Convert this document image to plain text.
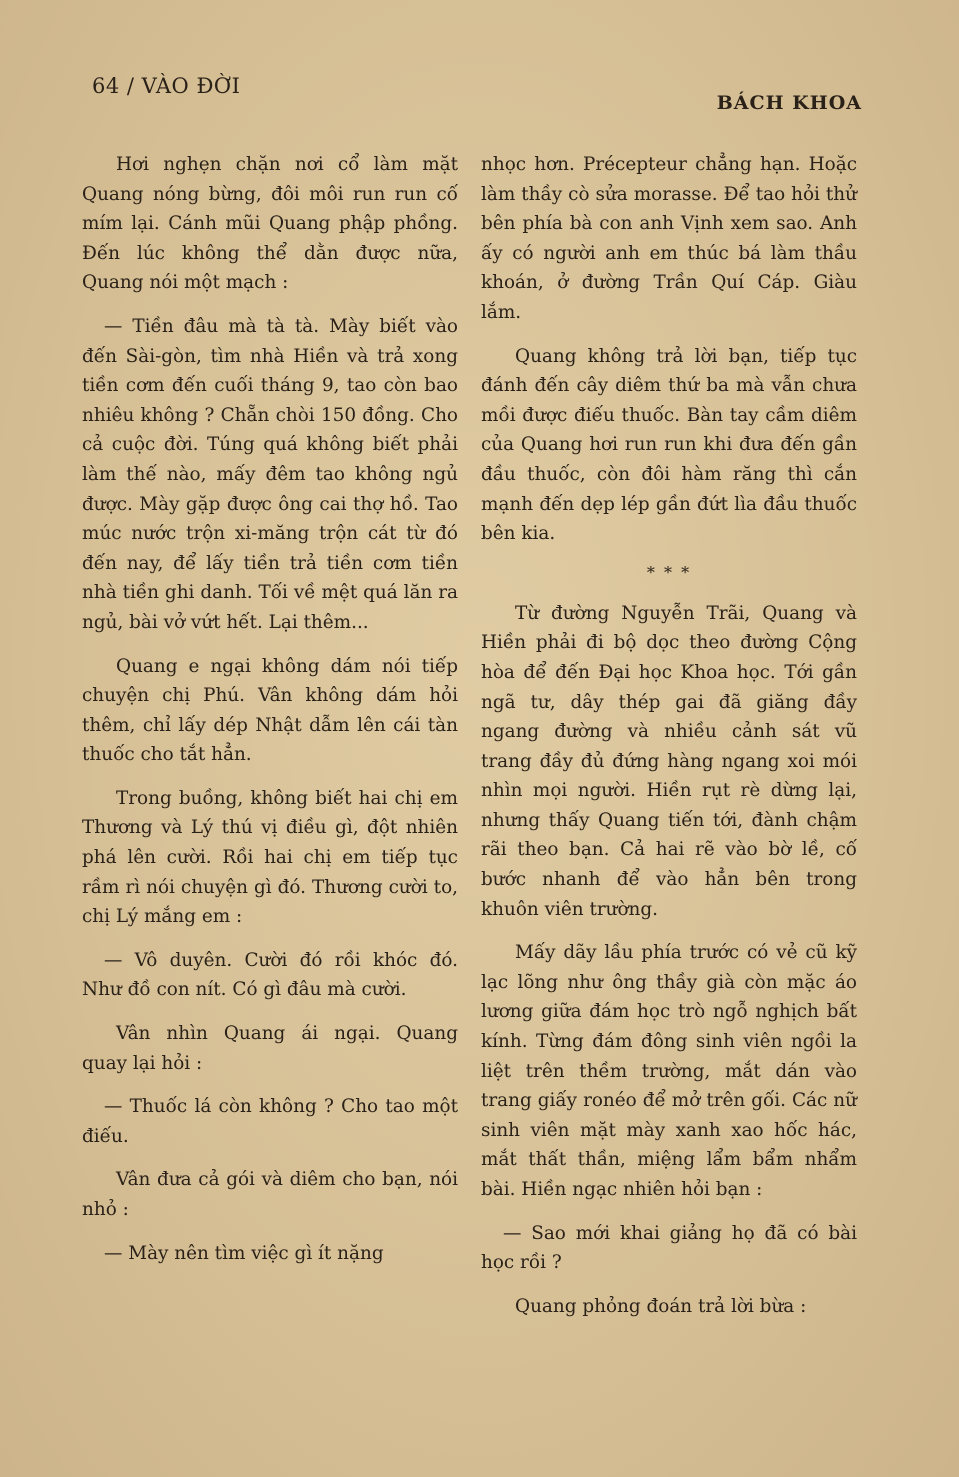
64 / VÀO ĐỜI
BÁCH KHOA

Hơi nghẹn chặn nơi cổ làm mặt Quang nóng bừng, đôi môi run run cố mím lại. Cánh mũi Quang phập phồng. Đến lúc không thể dằn được nữa, Quang nói một mạch :

— Tiền đâu mà tà tà. Mày biết vào đến Sài-gòn, tìm nhà Hiền và trả xong tiền cơm đến cuối tháng 9, tao còn bao nhiêu không ? Chẵn chòi 150 đồng. Cho cả cuộc đời. Túng quá không biết phải làm thế nào, mấy đêm tao không ngủ được. Mày gặp được ông cai thợ hồ. Tao múc nước trộn xi-măng trộn cát từ đó đến nay, để lấy tiền trả tiền cơm tiền nhà tiền ghi danh. Tối về mệt quá lăn ra ngủ, bài vở vứt hết. Lại thêm...

Quang e ngại không dám nói tiếp chuyện chị Phú. Vân không dám hỏi thêm, chỉ lấy dép Nhật dẫm lên cái tàn thuốc cho tắt hẳn.

Trong buồng, không biết hai chị em Thương và Lý thú vị điều gì, đột nhiên phá lên cười. Rồi hai chị em tiếp tục rầm rì nói chuyện gì đó. Thương cười to, chị Lý mắng em :

— Vô duyên. Cười đó rồi khóc đó. Như đồ con nít. Có gì đâu mà cười.

Vân nhìn Quang ái ngại. Quang quay lại hỏi :

— Thuốc lá còn không ? Cho tao một điếu.

Vân đưa cả gói và diêm cho bạn, nói nhỏ :

— Mày nên tìm việc gì ít nặng

nhọc hơn. Précepteur chẳng hạn. Hoặc làm thầy cò sửa morasse. Để tao hỏi thử bên phía bà con anh Vịnh xem sao. Anh ấy có người anh em thúc bá làm thầu khoán, ở đường Trần Quí Cáp. Giàu lắm.

Quang không trả lời bạn, tiếp tục đánh đến cây diêm thứ ba mà vẫn chưa mồi được điếu thuốc. Bàn tay cầm diêm của Quang hơi run run khi đưa đến gần đầu thuốc, còn đôi hàm răng thì cắn mạnh đến dẹp lép gần đứt lìa đầu thuốc bên kia.

* * *

Từ đường Nguyễn Trãi, Quang và Hiền phải đi bộ dọc theo đường Cộng hòa để đến Đại học Khoa học. Tới gần ngã tư, dây thép gai đã giăng đầy ngang đường và nhiều cảnh sát vũ trang đầy đủ đứng hàng ngang xoi mói nhìn mọi người. Hiền rụt rè dừng lại, nhưng thấy Quang tiến tới, đành chậm rãi theo bạn. Cả hai rẽ vào bờ lề, cố bước nhanh để vào hẳn bên trong khuôn viên trường.

Mấy dãy lầu phía trước có vẻ cũ kỹ lạc lõng như ông thầy già còn mặc áo lương giữa đám học trò ngỗ nghịch bất kính. Từng đám đông sinh viên ngồi la liệt trên thềm trường, mắt dán vào trang giấy ronéo để mở trên gối. Các nữ sinh viên mặt mày xanh xao hốc hác, mắt thất thần, miệng lẩm bẩm nhẩm bài. Hiền ngạc nhiên hỏi bạn :

— Sao mới khai giảng họ đã có bài học rồi ?

Quang phỏng đoán trả lời bừa :
